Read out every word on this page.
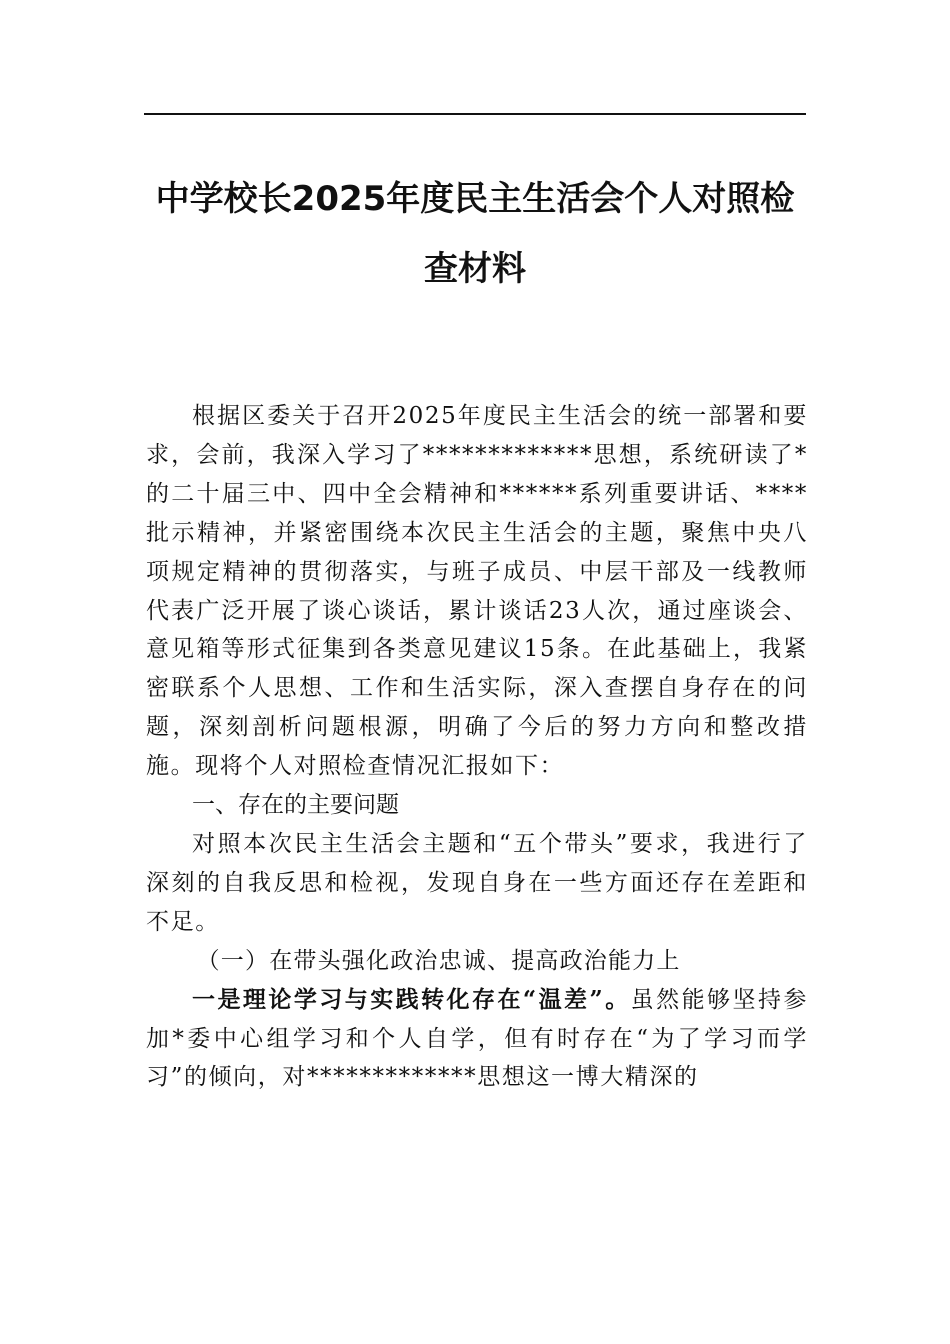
中学校长2025年度民主生活会个人对照检
查材料

根据区委关于召开2025年度民主生活会的统一部署和要求，会前，我深入学习了*************思想，系统研读了*的二十届三中、四中全会精神和******系列重要讲话、****批示精神，并紧密围绕本次民主生活会的主题，聚焦中央八项规定精神的贯彻落实，与班子成员、中层干部及一线教师代表广泛开展了谈心谈话，累计谈话23人次，通过座谈会、意见箱等形式征集到各类意见建议15条。在此基础上，我紧密联系个人思想、工作和生活实际，深入查摆自身存在的问题，深刻剖析问题根源，明确了今后的努力方向和整改措施。现将个人对照检查情况汇报如下：

一、存在的主要问题

对照本次民主生活会主题和“五个带头”要求，我进行了深刻的自我反思和检视，发现自身在一些方面还存在差距和不足。

（一）在带头强化政治忠诚、提高政治能力上

一是理论学习与实践转化存在“温差”。虽然能够坚持参加*委中心组学习和个人自学，但有时存在“为了学习而学习”的倾向，对*************思想这一博大精深的
